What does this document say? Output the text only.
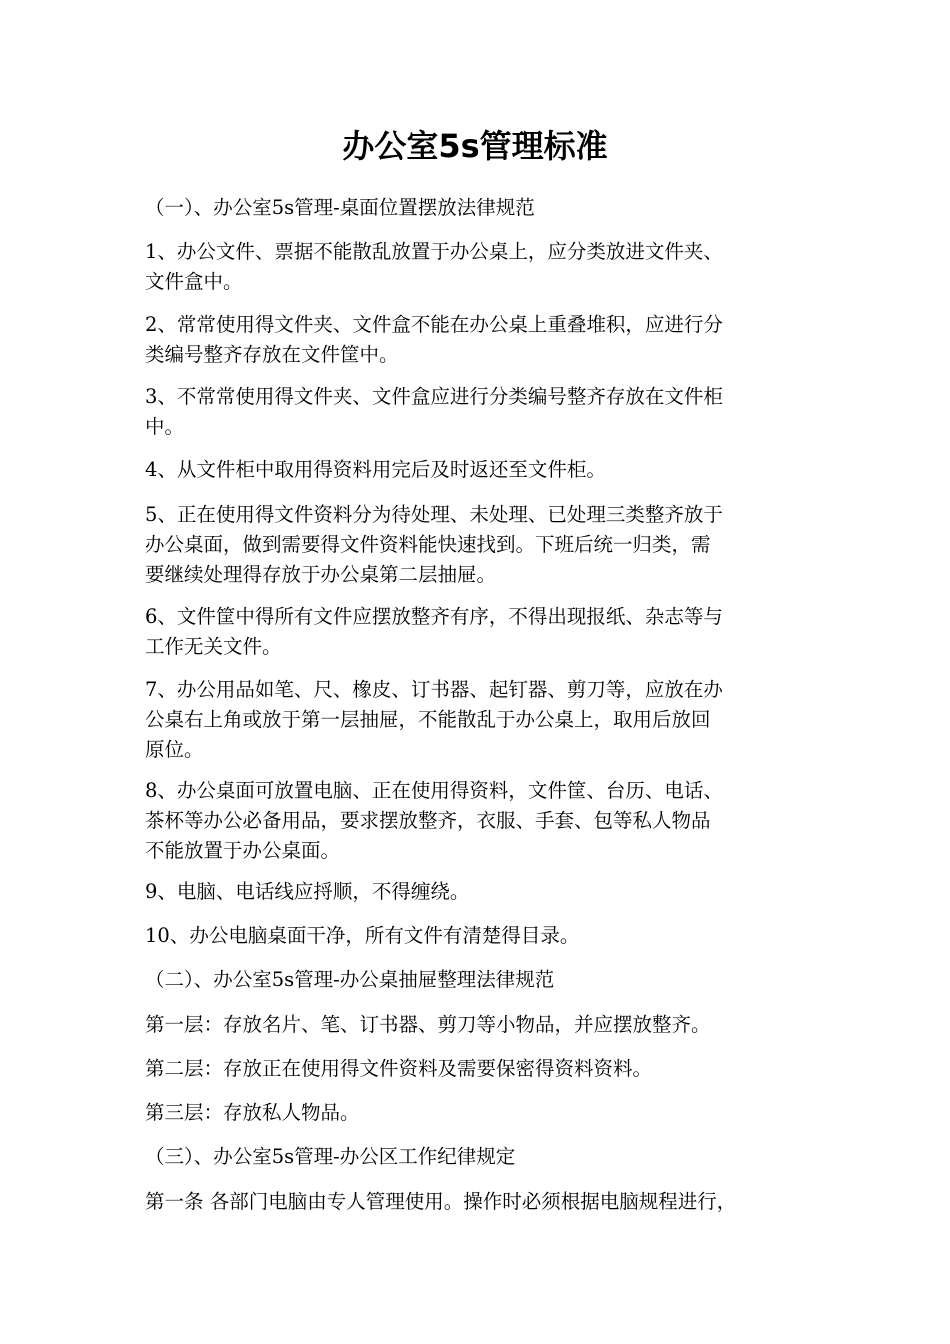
办公室5s管理标准

（一）、办公室5s管理-桌面位置摆放法律规范

1、办公文件、票据不能散乱放置于办公桌上，应分类放进文件夹、
文件盒中。

2、常常使用得文件夹、文件盒不能在办公桌上重叠堆积，应进行分
类编号整齐存放在文件筐中。

3、不常常使用得文件夹、文件盒应进行分类编号整齐存放在文件柜
中。

4、从文件柜中取用得资料用完后及时返还至文件柜。

5、正在使用得文件资料分为待处理、未处理、已处理三类整齐放于
办公桌面，做到需要得文件资料能快速找到。下班后统一归类，需
要继续处理得存放于办公桌第二层抽屉。

6、文件筐中得所有文件应摆放整齐有序，不得出现报纸、杂志等与
工作无关文件。

7、办公用品如笔、尺、橡皮、订书器、起钉器、剪刀等，应放在办
公桌右上角或放于第一层抽屉，不能散乱于办公桌上，取用后放回
原位。

8、办公桌面可放置电脑、正在使用得资料，文件筐、台历、电话、
茶杯等办公必备用品，要求摆放整齐，衣服、手套、包等私人物品
不能放置于办公桌面。

9、电脑、电话线应捋顺，不得缠绕。

10、办公电脑桌面干净，所有文件有清楚得目录。

（二）、办公室5s管理-办公桌抽屉整理法律规范

第一层：存放名片、笔、订书器、剪刀等小物品，并应摆放整齐。

第二层：存放正在使用得文件资料及需要保密得资料资料。

第三层：存放私人物品。

（三）、办公室5s管理-办公区工作纪律规定

第一条 各部门电脑由专人管理使用。操作时必须根据电脑规程进行，
